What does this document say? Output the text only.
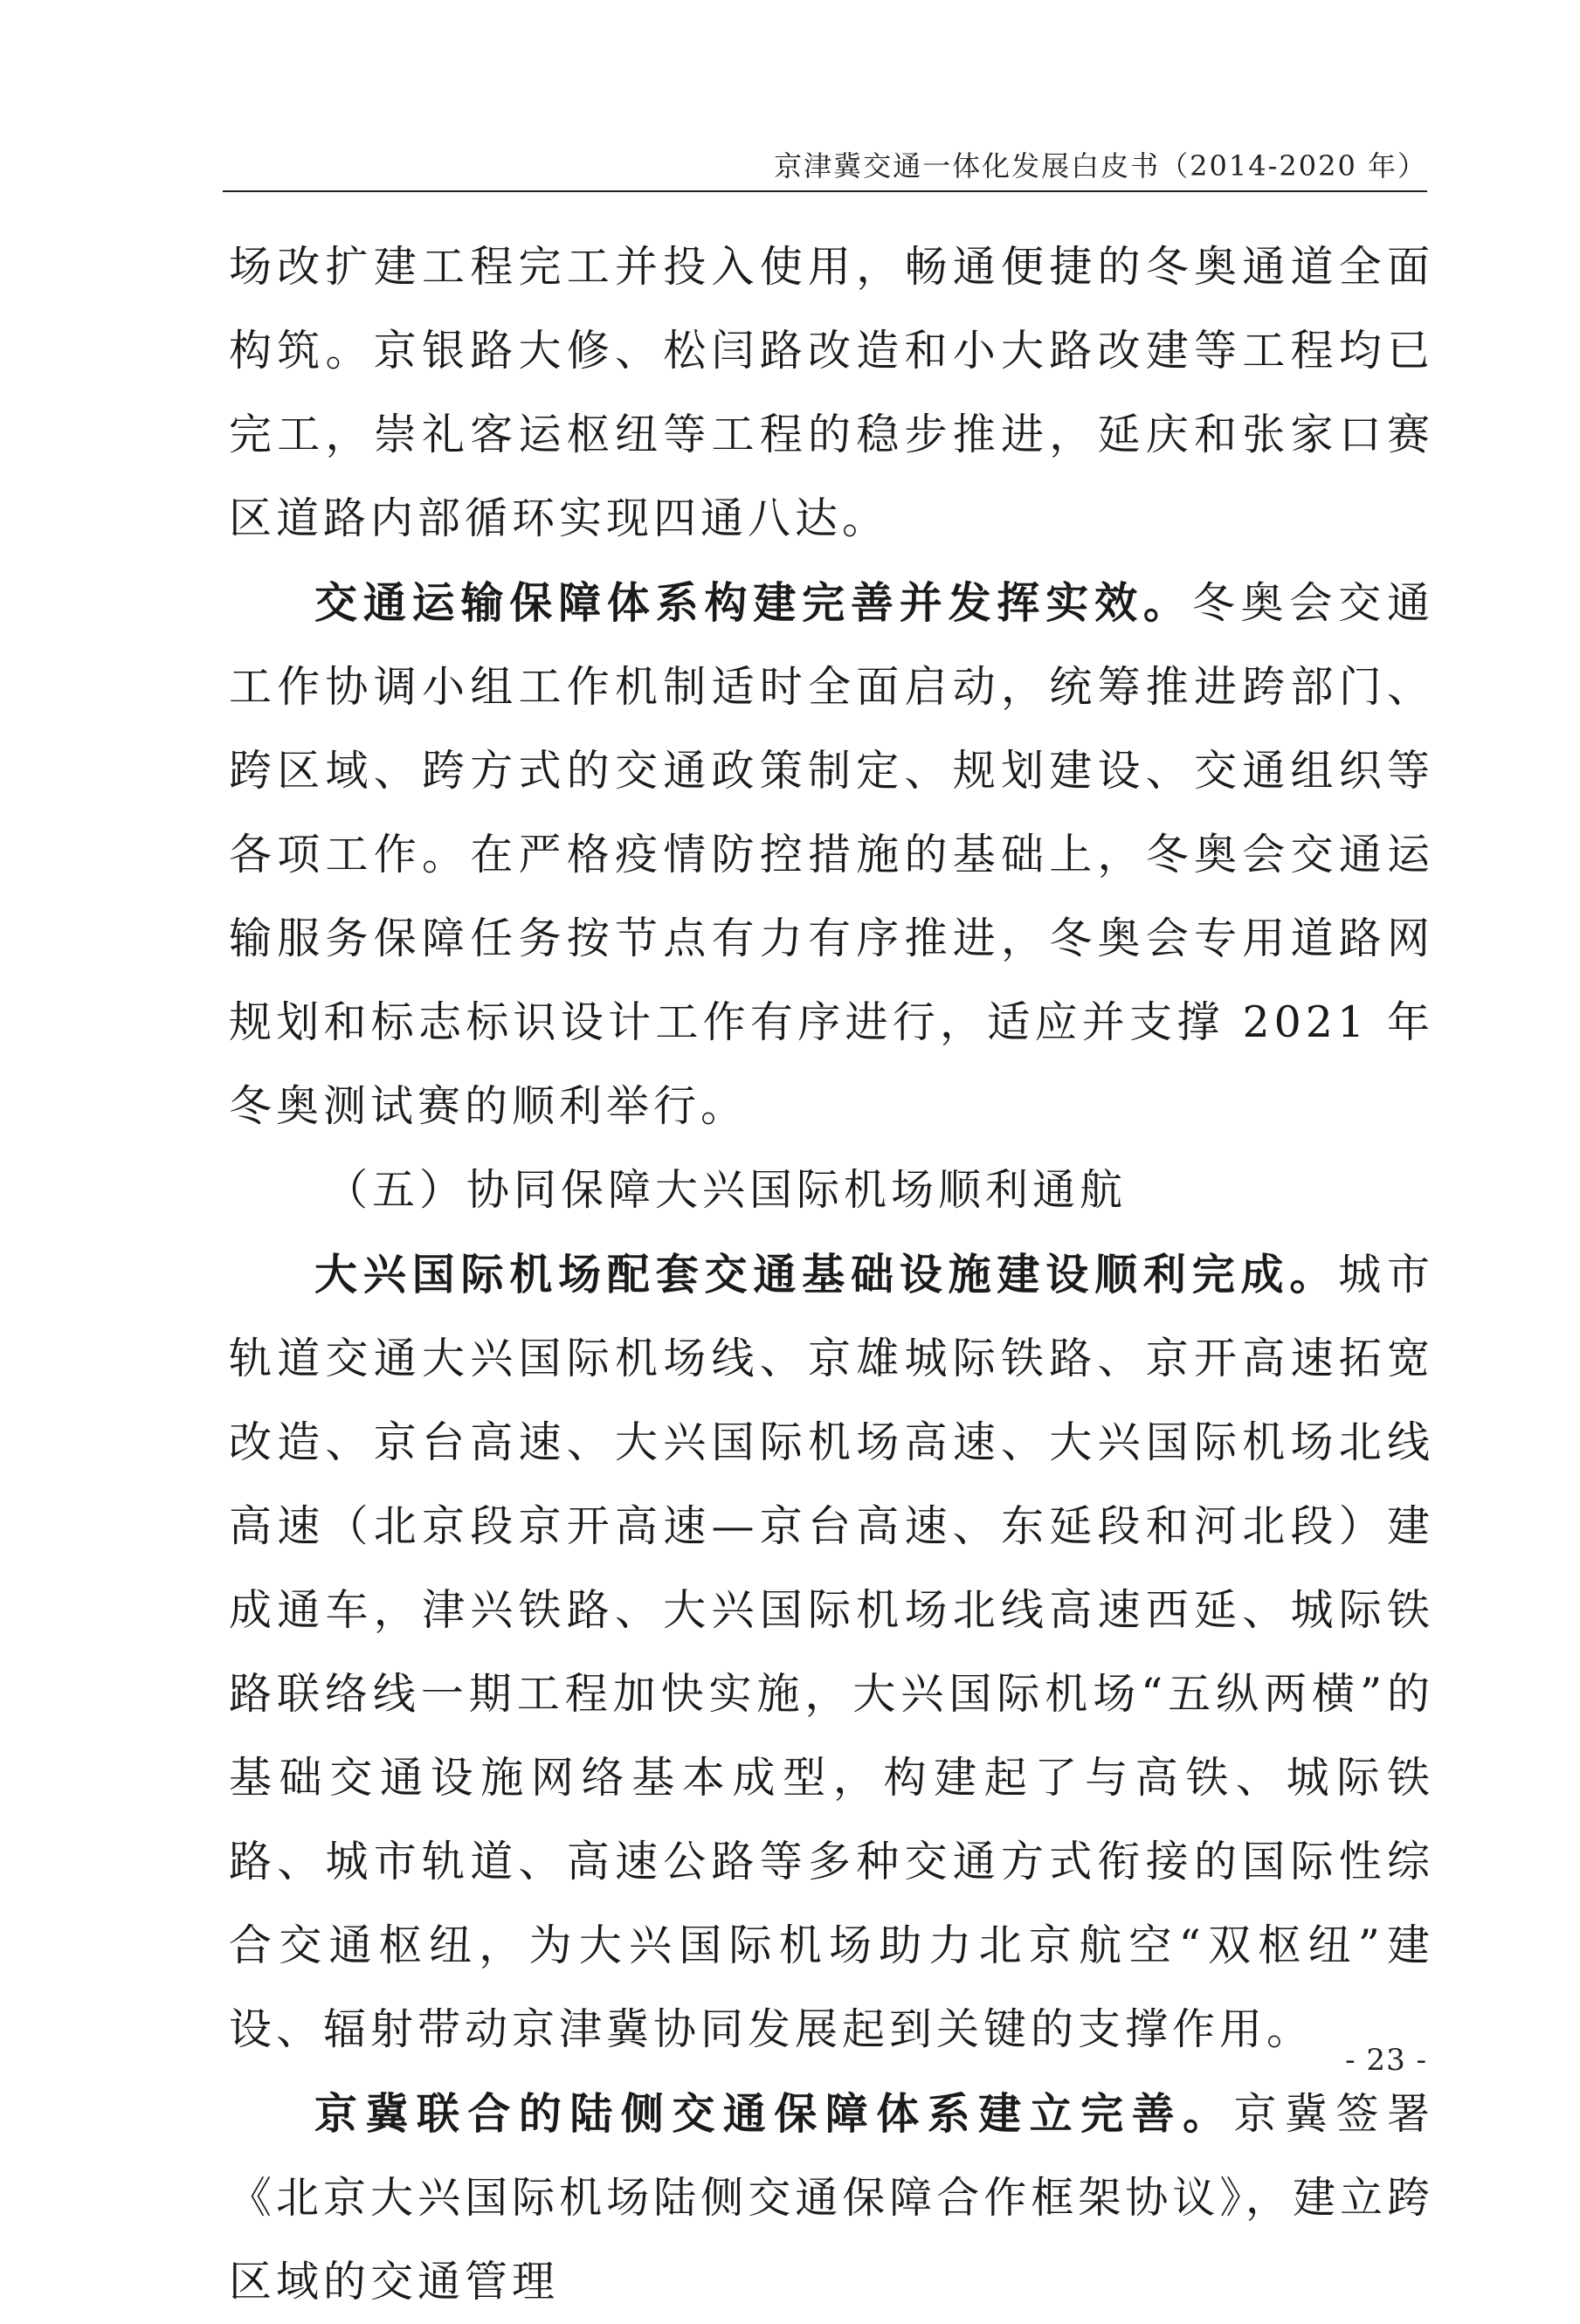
京津冀交通一体化发展白皮书（2014-2020 年）

场改扩建工程完工并投入使用，畅通便捷的冬奥通道全面构筑。京银路大修、松闫路改造和小大路改建等工程均已完工，崇礼客运枢纽等工程的稳步推进，延庆和张家口赛区道路内部循环实现四通八达。

交通运输保障体系构建完善并发挥实效。冬奥会交通工作协调小组工作机制适时全面启动，统筹推进跨部门、跨区域、跨方式的交通政策制定、规划建设、交通组织等各项工作。在严格疫情防控措施的基础上，冬奥会交通运输服务保障任务按节点有力有序推进，冬奥会专用道路网规划和标志标识设计工作有序进行，适应并支撑 2021 年冬奥测试赛的顺利举行。

（五）协同保障大兴国际机场顺利通航

大兴国际机场配套交通基础设施建设顺利完成。城市轨道交通大兴国际机场线、京雄城际铁路、京开高速拓宽改造、京台高速、大兴国际机场高速、大兴国际机场北线高速（北京段京开高速—京台高速、东延段和河北段）建成通车，津兴铁路、大兴国际机场北线高速西延、城际铁路联络线一期工程加快实施，大兴国际机场“五纵两横”的基础交通设施网络基本成型，构建起了与高铁、城际铁路、城市轨道、高速公路等多种交通方式衔接的国际性综合交通枢纽，为大兴国际机场助力北京航空“双枢纽”建设、辐射带动京津冀协同发展起到关键的支撑作用。

京冀联合的陆侧交通保障体系建立完善。京冀签署《北京大兴国际机场陆侧交通保障合作框架协议》，建立跨区域的交通管理

- 23 -
